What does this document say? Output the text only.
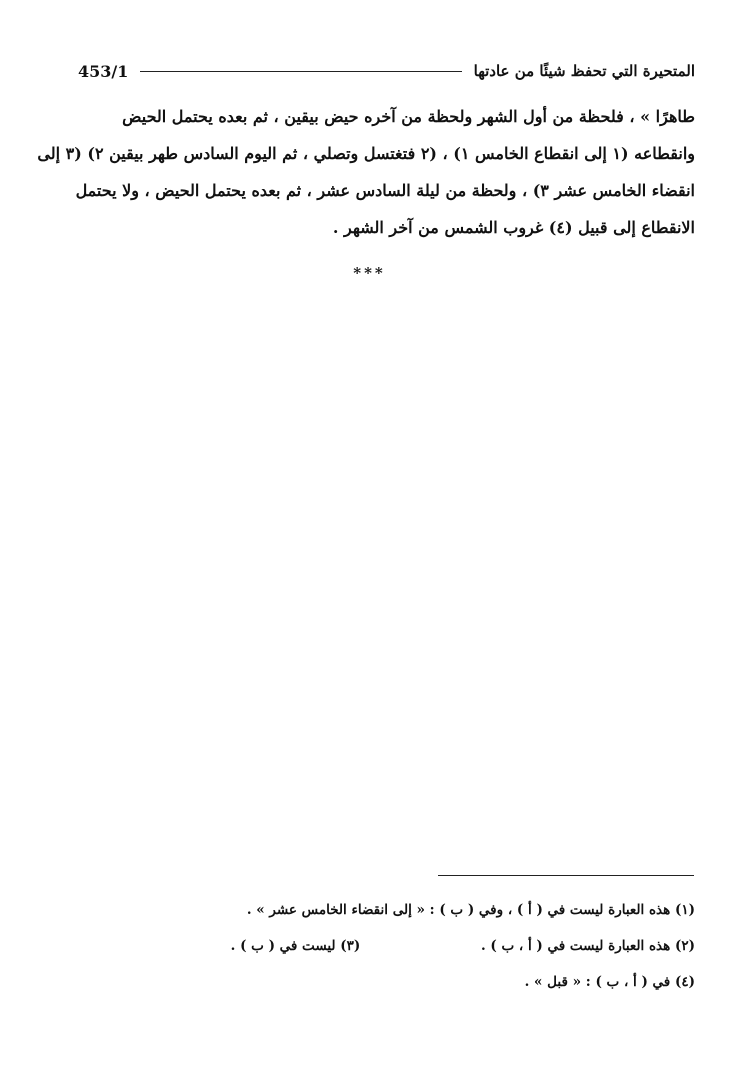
المتحيرة التي تحفظ شيئًا من عادتها
453/1
طاهرًا » ، فلحظة من أول الشهر ولحظة من آخره حيض بيقين ، ثم بعده يحتمل الحيض
وانقطاعه (١ إلى انقطاع الخامس ١) ، (٢ فتغتسل وتصلي ، ثم اليوم السادس طهر بيقين ٢) (٣ إلى
انقضاء الخامس عشر ٣) ، ولحظة من ليلة السادس عشر ، ثم بعده يحتمل الحيض ، ولا يحتمل
الانقطاع إلى قبيل (٤) غروب الشمس من آخر الشهر .
***
(١) هذه العبارة ليست في ( أ ) ، وفي ( ب ) : « إلى انقضاء الخامس عشر » .
(٢) هذه العبارة ليست في ( أ ، ب ) . (٣) ليست في ( ب ) .
(٤) في ( أ ، ب ) : « قبل » .
